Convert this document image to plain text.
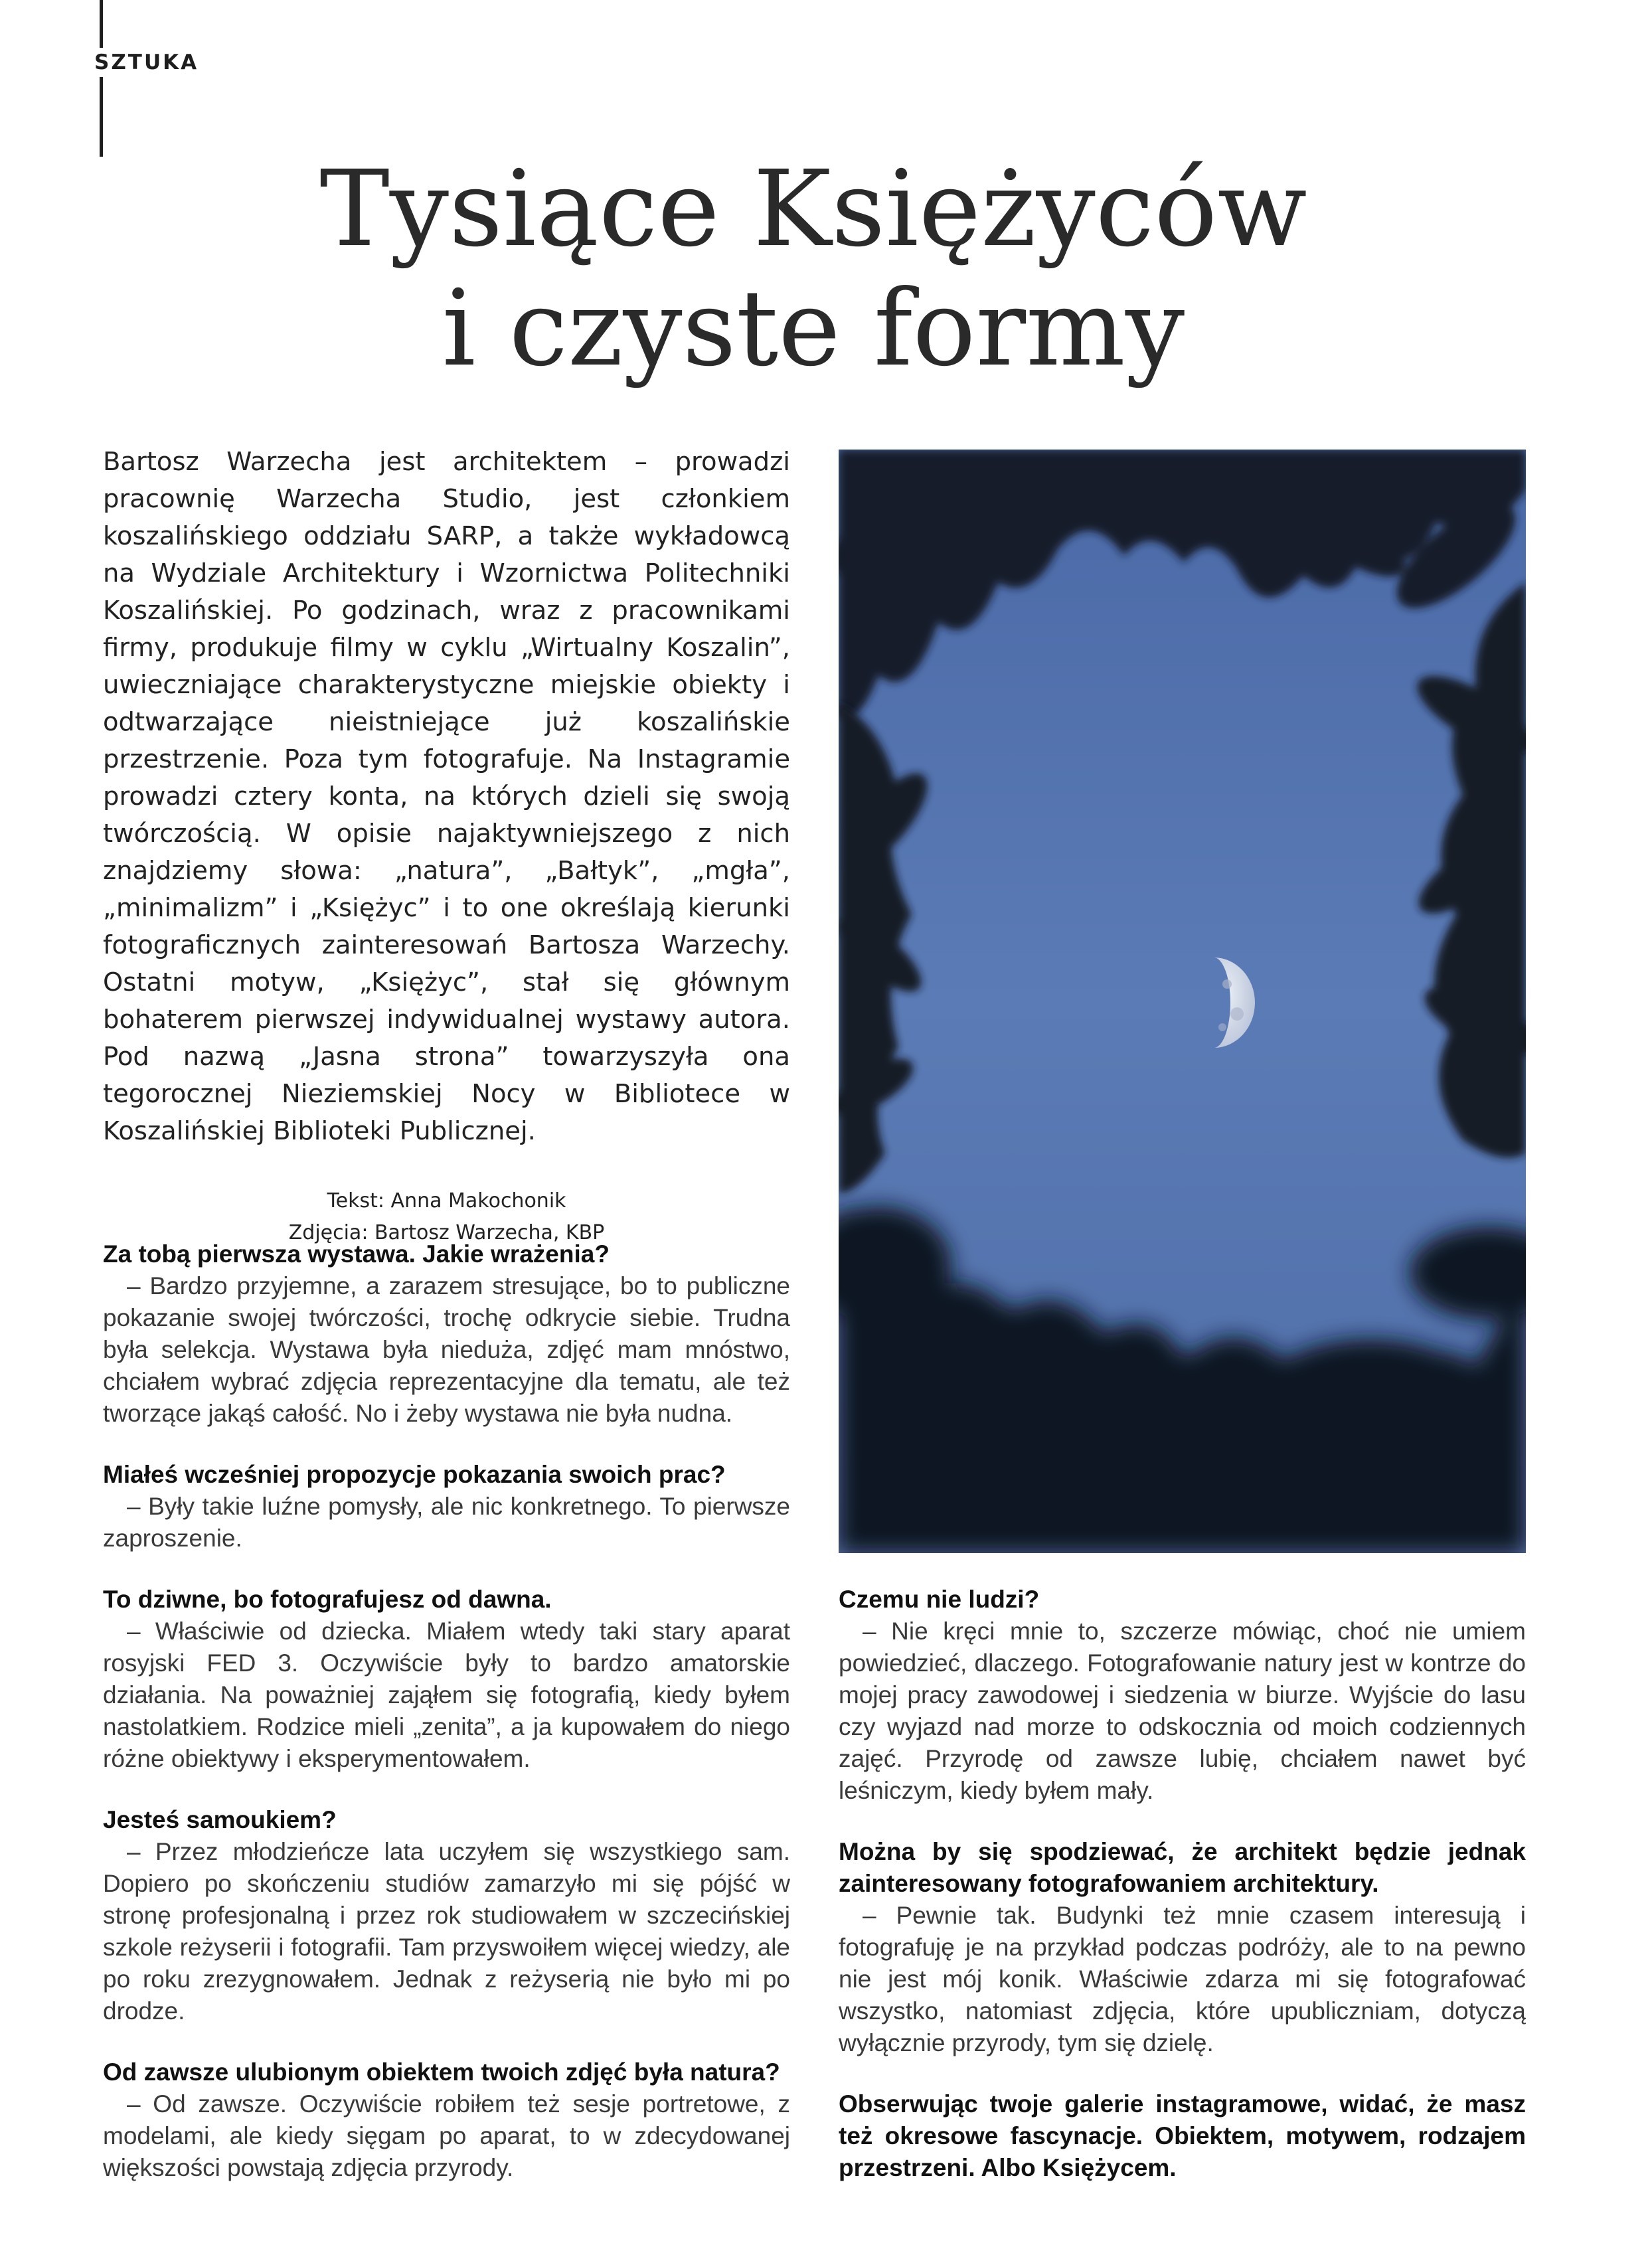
SZTUKA
Tysiące Księżyców
i czyste formy

Bartosz Warzecha jest architektem – prowadzi pracownię Warzecha Studio, jest członkiem koszalińskiego oddziału SARP, a także wykładowcą na Wydziale Architektury i Wzornictwa Politechniki Koszalińskiej. Po godzinach, wraz z pracownikami firmy, produkuje filmy w cyklu „Wirtualny Koszalin”, uwieczniające charakterystyczne miejskie obiekty i odtwarzające nieistniejące już koszalińskie przestrzenie. Poza tym fotografuje. Na Instagramie prowadzi cztery konta, na których dzieli się swoją twórczością. W opisie najaktywniejszego z nich znajdziemy słowa: „natura”, „Bałtyk”, „mgła”, „minimalizm” i „Księżyc” i to one określają kierunki fotograficznych zainteresowań Bartosza Warzechy. Ostatni motyw, „Księżyc”, stał się głównym bohaterem pierwszej indywidualnej wystawy autora. Pod nazwą „Jasna strona” towarzyszyła ona tegorocznej Nieziemskiej Nocy w Bibliotece w Koszalińskiej Biblioteki Publicznej.

Tekst: Anna Makochonik
Zdjęcia: Bartosz Warzecha, KBP

Za tobą pierwsza wystawa. Jakie wrażenia?

– Bardzo przyjemne, a zarazem stresujące, bo to publiczne pokazanie swojej twórczości, trochę odkrycie siebie. Trudna była selekcja. Wystawa była nieduża, zdjęć mam mnóstwo, chciałem wybrać zdjęcia reprezentacyjne dla tematu, ale też tworzące jakąś całość. No i żeby wystawa nie była nudna.

Miałeś wcześniej propozycje pokazania swoich prac?

– Były takie luźne pomysły, ale nic konkretnego. To pierwsze zaproszenie.

To dziwne, bo fotografujesz od dawna.

– Właściwie od dziecka. Miałem wtedy taki stary aparat rosyjski FED 3. Oczywiście były to bardzo amatorskie działania. Na poważniej zająłem się fotografią, kiedy byłem nastolatkiem. Rodzice mieli „zenita”, a ja kupowałem do niego różne obiektywy i eksperymentowałem.

Jesteś samoukiem?

– Przez młodzieńcze lata uczyłem się wszystkiego sam. Dopiero po skończeniu studiów zamarzyło mi się pójść w stronę profesjonalną i przez rok studiowałem w szczecińskiej szkole reżyserii i fotografii. Tam przyswoiłem więcej wiedzy, ale po roku zrezygnowałem. Jednak z reżyserią nie było mi po drodze.

Od zawsze ulubionym obiektem twoich zdjęć była natura?

– Od zawsze. Oczywiście robiłem też sesje portretowe, z modelami, ale kiedy sięgam po aparat, to w zdecydowanej większości powstają zdjęcia przyrody.

Czemu nie ludzi?

– Nie kręci mnie to, szczerze mówiąc, choć nie umiem powiedzieć, dlaczego. Fotografowanie natury jest w kontrze do mojej pracy zawodowej i siedzenia w biurze. Wyjście do lasu czy wyjazd nad morze to odskocznia od moich codziennych zajęć. Przyrodę od zawsze lubię, chciałem nawet być leśniczym, kiedy byłem mały.

Można by się spodziewać, że architekt będzie jednak zainteresowany fotografowaniem architektury.

– Pewnie tak. Budynki też mnie czasem interesują i fotografuję je na przykład podczas podróży, ale to na pewno nie jest mój konik. Właściwie zdarza mi się fotografować wszystko, natomiast zdjęcia, które upubliczniam, dotyczą wyłącznie przyrody, tym się dzielę.

Obserwując twoje galerie instagramowe, widać, że masz też okresowe fascynacje. Obiektem, motywem, rodzajem przestrzeni. Albo Księżycem.
